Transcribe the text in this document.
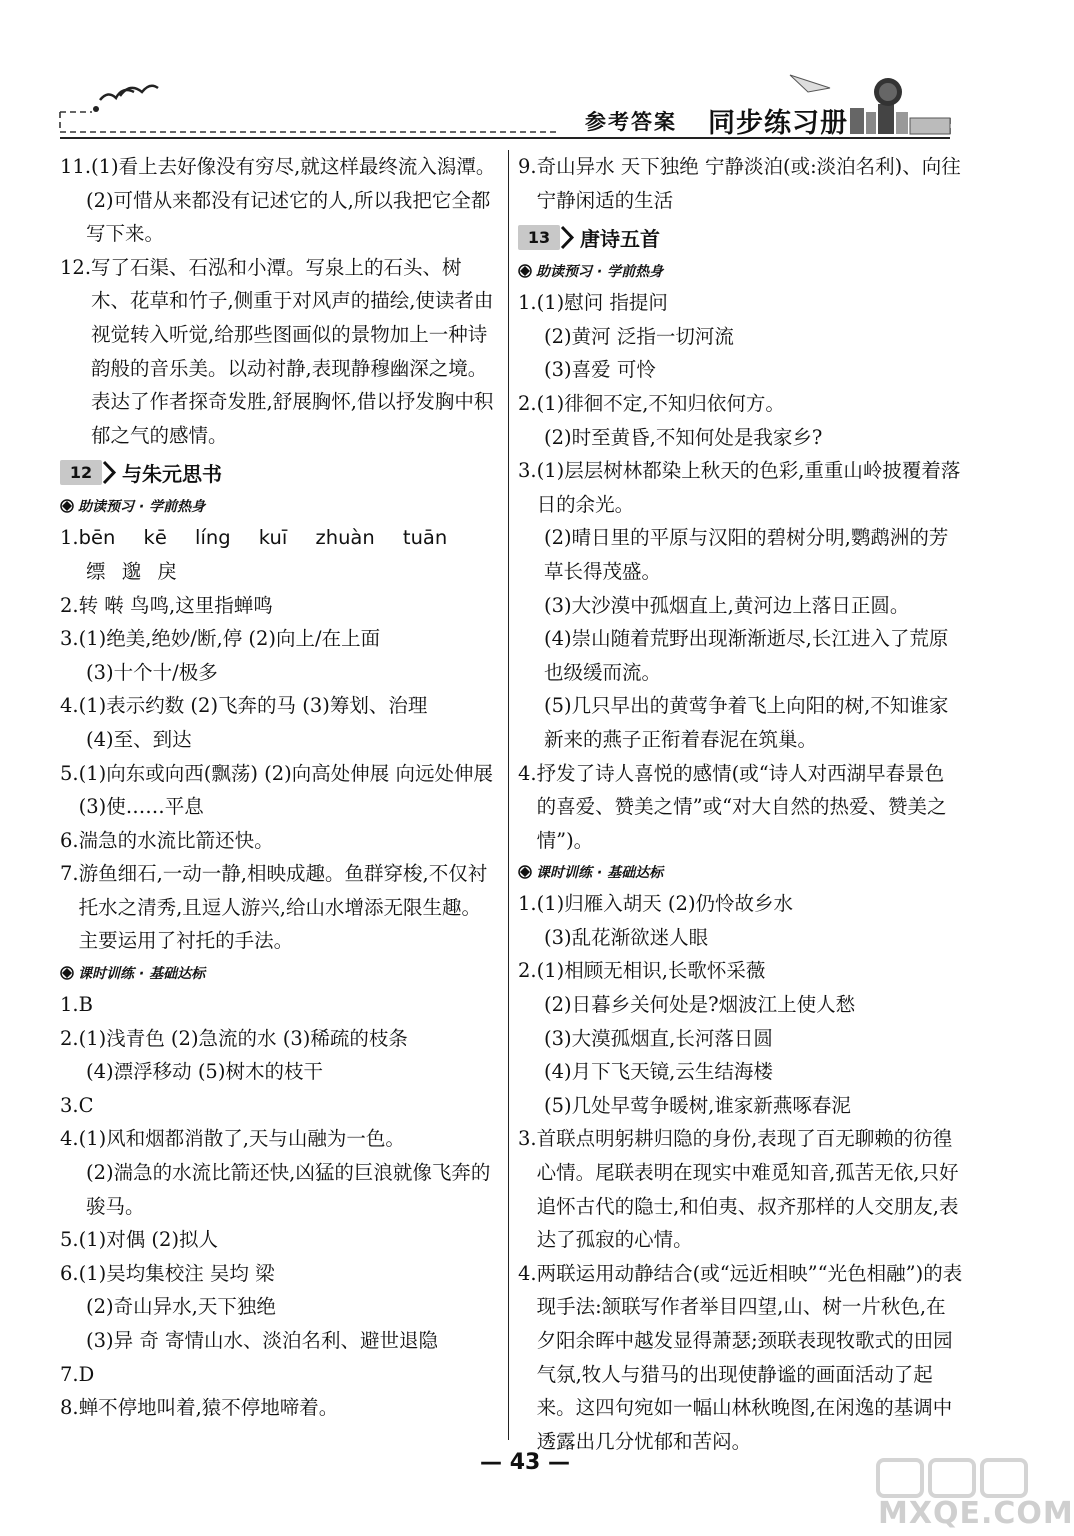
参考答案 同步练习册
11. (1)看上去好像没有穷尽,就这样最终流入潟潭。
(2)可惜从来都没有记述它的人,所以我把它全都写下来。
12. 写了石渠、石泓和小潭。写泉上的石头、树木、花草和竹子,侧重于对风声的描绘,使读者由视觉转入听觉,给那些图画似的景物加上一种诗韵般的音乐美。以动衬静,表现静穆幽深之境。表达了作者探奇发胜,舒展胸怀,借以抒发胸中积郁之气的感情。
12	与朱元思书
助读预习 · 学前热身
1. bēn kē líng kuī zhuàn tuān
缥 邈 戾
2. 转 啭 鸟鸣,这里指蝉鸣
3. (1)绝美,绝妙/断,停 (2)向上/在上面
(3)十个十/极多
4. (1)表示约数 (2)飞奔的马 (3)筹划、治理
(4)至、到达
5. (1)向东或向西(飘荡) (2)向高处伸展 向远处伸展 (3)使……平息
6. 湍急的水流比箭还快。
7. 游鱼细石,一动一静,相映成趣。鱼群穿梭,不仅衬托水之清秀,且逗人游兴,给山水增添无限生趣。主要运用了衬托的手法。
课时训练 · 基础达标
1. B
2. (1)浅青色 (2)急流的水 (3)稀疏的枝条
(4)漂浮移动 (5)树木的枝干
3. C
4. (1)风和烟都消散了,天与山融为一色。
(2)湍急的水流比箭还快,凶猛的巨浪就像飞奔的骏马。
5. (1)对偶 (2)拟人
6. (1)吴均集校注 吴均 梁
(2)奇山异水,天下独绝
(3)异 奇 寄情山水、淡泊名利、避世退隐
7. D
8. 蝉不停地叫着,猿不停地啼着。
9. 奇山异水 天下独绝 宁静淡泊(或:淡泊名利)、向往宁静闲适的生活
13	唐诗五首
助读预习 · 学前热身
1. (1)慰问 指提问
(2)黄河 泛指一切河流
(3)喜爱 可怜
2. (1)徘徊不定,不知归依何方。
(2)时至黄昏,不知何处是我家乡?
3. (1)层层树林都染上秋天的色彩,重重山岭披覆着落日的余光。
(2)晴日里的平原与汉阳的碧树分明,鹦鹉洲的芳草长得茂盛。
(3)大沙漠中孤烟直上,黄河边上落日正圆。
(4)崇山随着荒野出现渐渐逝尽,长江进入了荒原也级缓而流。
(5)几只早出的黄莺争着飞上向阳的树,不知谁家新来的燕子正衔着春泥在筑巢。
4. 抒发了诗人喜悦的感情(或“诗人对西湖早春景色的喜爱、赞美之情”或“对大自然的热爱、赞美之情”)。
课时训练 · 基础达标
1. (1)归雁入胡天 (2)仍怜故乡水
(3)乱花渐欲迷人眼
2. (1)相顾无相识,长歌怀采薇
(2)日暮乡关何处是?烟波江上使人愁
(3)大漠孤烟直,长河落日圆
(4)月下飞天镜,云生结海楼
(5)几处早莺争暖树,谁家新燕啄春泥
3. 首联点明躬耕归隐的身份,表现了百无聊赖的彷徨心情。尾联表明在现实中难觅知音,孤苦无依,只好追怀古代的隐士,和伯夷、叔齐那样的人交朋友,表达了孤寂的心情。
4. 两联运用动静结合(或“远近相映”“光色相融”)的表现手法:颔联写作者举目四望,山、树一片秋色,在夕阳余晖中越发显得萧瑟;颈联表现牧歌式的田园气氛,牧人与猎马的出现使静谧的画面活动了起来。这四句宛如一幅山林秋晚图,在闲逸的基调中透露出几分忧郁和苦闷。
— 43 —
MXQE.COM
